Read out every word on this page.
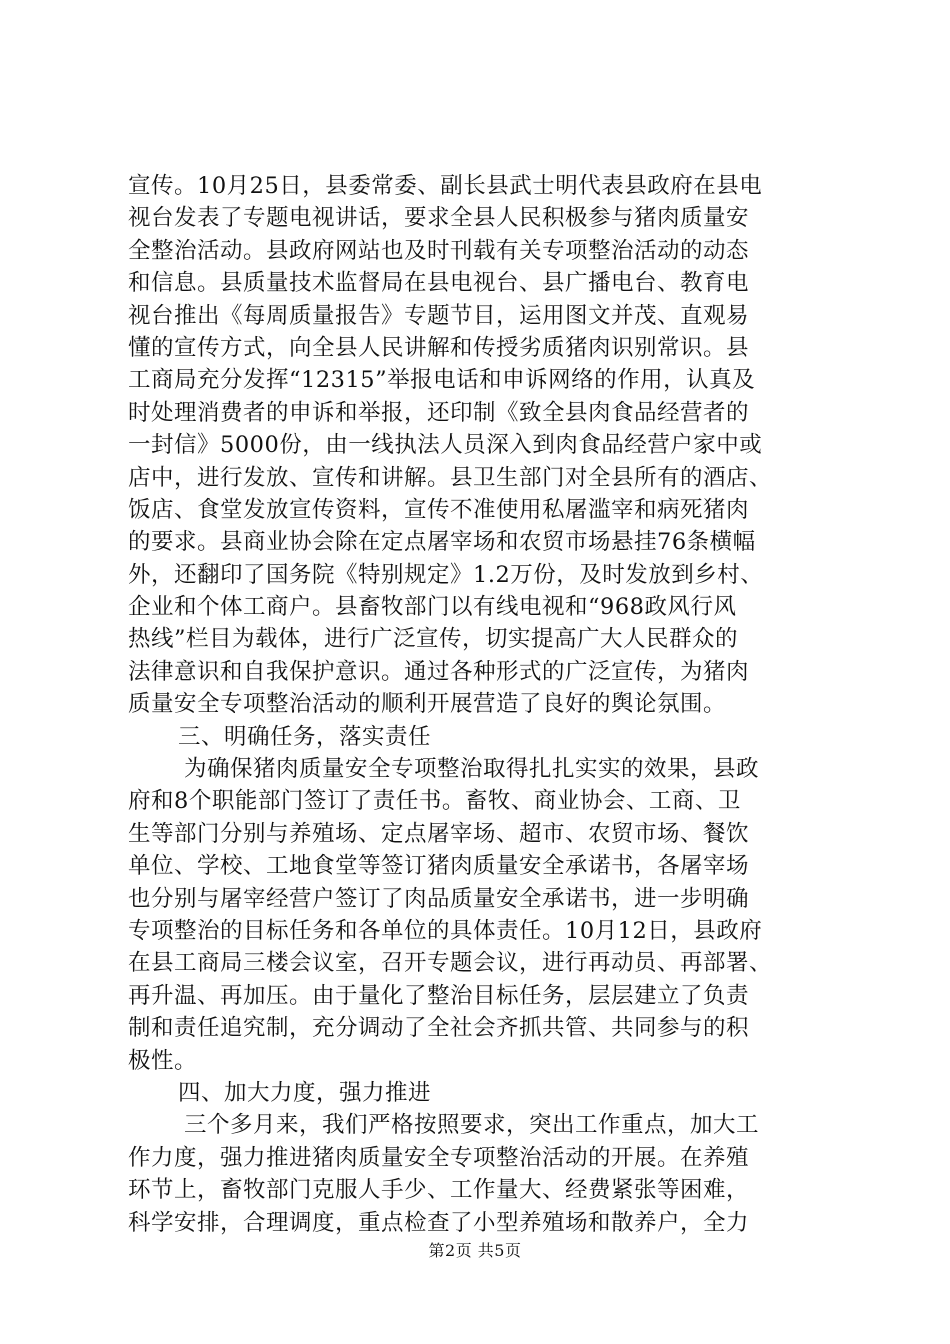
宣传。10月25日，县委常委、副长县武士明代表县政府在县电
视台发表了专题电视讲话，要求全县人民积极参与猪肉质量安
全整治活动。县政府网站也及时刊载有关专项整治活动的动态
和信息。县质量技术监督局在县电视台、县广播电台、教育电
视台推出《每周质量报告》专题节目，运用图文并茂、直观易
懂的宣传方式，向全县人民讲解和传授劣质猪肉识别常识。县
工商局充分发挥“12315”举报电话和申诉网络的作用，认真及
时处理消费者的申诉和举报，还印制《致全县肉食品经营者的
一封信》5000份，由一线执法人员深入到肉食品经营户家中或
店中，进行发放、宣传和讲解。县卫生部门对全县所有的酒店、
饭店、食堂发放宣传资料，宣传不准使用私屠滥宰和病死猪肉
的要求。县商业协会除在定点屠宰场和农贸市场悬挂76条横幅
外，还翻印了国务院《特别规定》1.2万份，及时发放到乡村、
企业和个体工商户。县畜牧部门以有线电视和“968政风行风
热线”栏目为载体，进行广泛宣传，切实提高广大人民群众的
法律意识和自我保护意识。通过各种形式的广泛宣传，为猪肉
质量安全专项整治活动的顺利开展营造了良好的舆论氛围。
三、明确任务，落实责任
为确保猪肉质量安全专项整治取得扎扎实实的效果，县政
府和8个职能部门签订了责任书。畜牧、商业协会、工商、卫
生等部门分别与养殖场、定点屠宰场、超市、农贸市场、餐饮
单位、学校、工地食堂等签订猪肉质量安全承诺书，各屠宰场
也分别与屠宰经营户签订了肉品质量安全承诺书，进一步明确
专项整治的目标任务和各单位的具体责任。10月12日，县政府
在县工商局三楼会议室，召开专题会议，进行再动员、再部署、
再升温、再加压。由于量化了整治目标任务，层层建立了负责
制和责任追究制，充分调动了全社会齐抓共管、共同参与的积
极性。
四、加大力度，强力推进
三个多月来，我们严格按照要求，突出工作重点，加大工
作力度，强力推进猪肉质量安全专项整治活动的开展。在养殖
环节上，畜牧部门克服人手少、工作量大、经费紧张等困难，
科学安排，合理调度，重点检查了小型养殖场和散养户，全力
第2页 共5页
